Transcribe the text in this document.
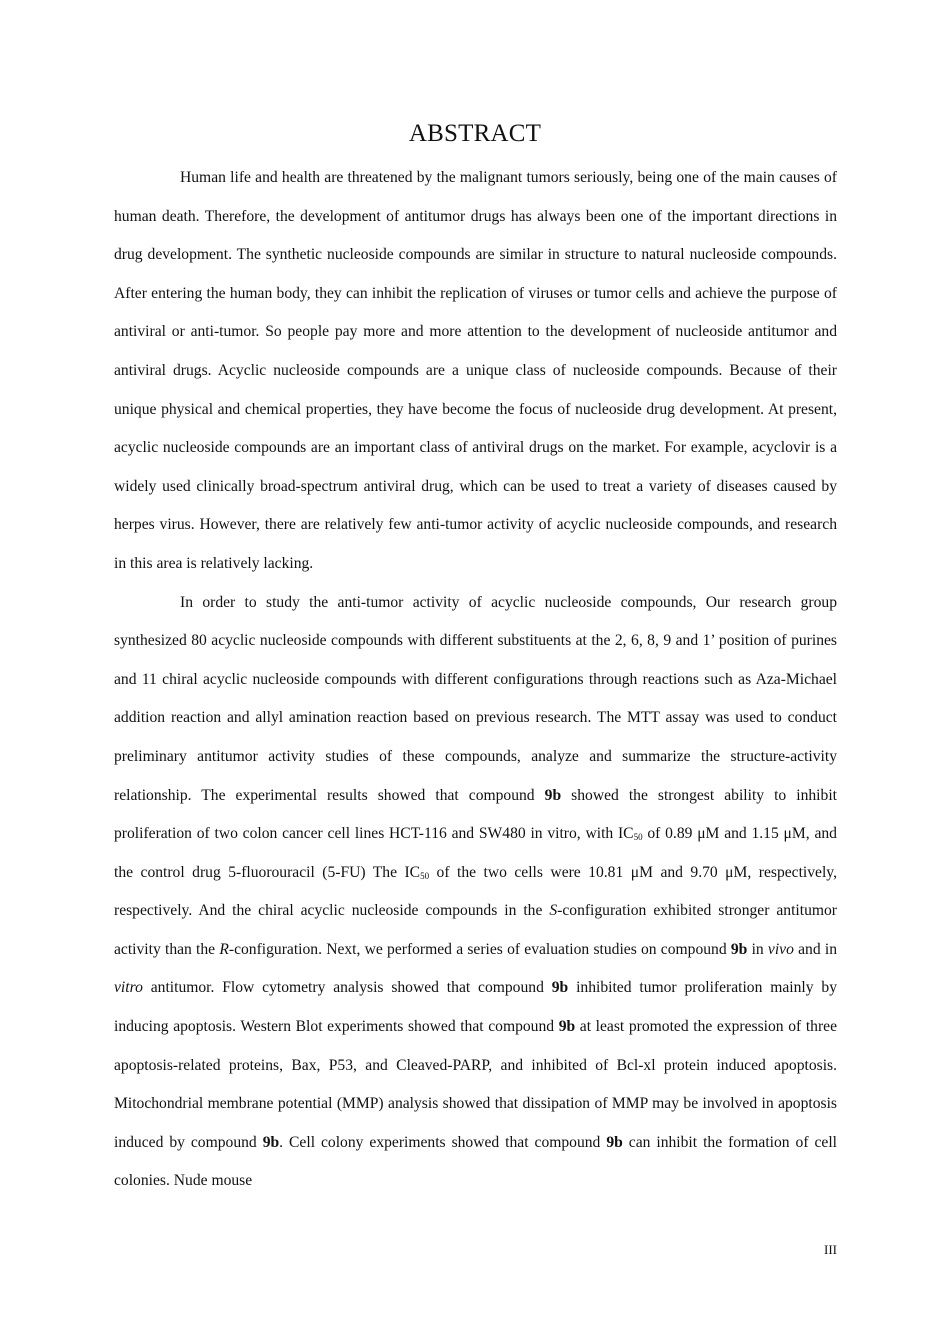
ABSTRACT

Human life and health are threatened by the malignant tumors seriously, being one of the main causes of human death. Therefore, the development of antitumor drugs has always been one of the important directions in drug development. The synthetic nucleoside compounds are similar in structure to natural nucleoside compounds. After entering the human body, they can inhibit the replication of viruses or tumor cells and achieve the purpose of antiviral or anti-tumor. So people pay more and more attention to the development of nucleoside antitumor and antiviral drugs. Acyclic nucleoside compounds are a unique class of nucleoside compounds. Because of their unique physical and chemical properties, they have become the focus of nucleoside drug development. At present, acyclic nucleoside compounds are an important class of antiviral drugs on the market. For example, acyclovir is a widely used clinically broad-spectrum antiviral drug, which can be used to treat a variety of diseases caused by herpes virus. However, there are relatively few anti-tumor activity of acyclic nucleoside compounds, and research in this area is relatively lacking.

In order to study the anti-tumor activity of acyclic nucleoside compounds, Our research group synthesized 80 acyclic nucleoside compounds with different substituents at the 2, 6, 8, 9 and 1’ position of purines and 11 chiral acyclic nucleoside compounds with different configurations through reactions such as Aza-Michael addition reaction and allyl amination reaction based on previous research. The MTT assay was used to conduct preliminary antitumor activity studies of these compounds, analyze and summarize the structure-activity relationship. The experimental results showed that compound 9b showed the strongest ability to inhibit proliferation of two colon cancer cell lines HCT-116 and SW480 in vitro, with $IC_{50}$ of 0.89 μM and 1.15 μM, and the control drug 5-fluorouracil (5-FU) The $IC_{50}$ of the two cells were 10.81 μM and 9.70 μM, respectively, respectively. And the chiral acyclic nucleoside compounds in the S-configuration exhibited stronger antitumor activity than the R-configuration. Next, we performed a series of evaluation studies on compound 9b in vivo and in vitro antitumor. Flow cytometry analysis showed that compound 9b inhibited tumor proliferation mainly by inducing apoptosis. Western Blot experiments showed that compound 9b at least promoted the expression of three apoptosis-related proteins, Bax, P53, and Cleaved-PARP, and inhibited of Bcl-xl protein induced apoptosis. Mitochondrial membrane potential (MMP) analysis showed that dissipation of MMP may be involved in apoptosis induced by compound 9b. Cell colony experiments showed that compound 9b can inhibit the formation of cell colonies. Nude mouse

III
